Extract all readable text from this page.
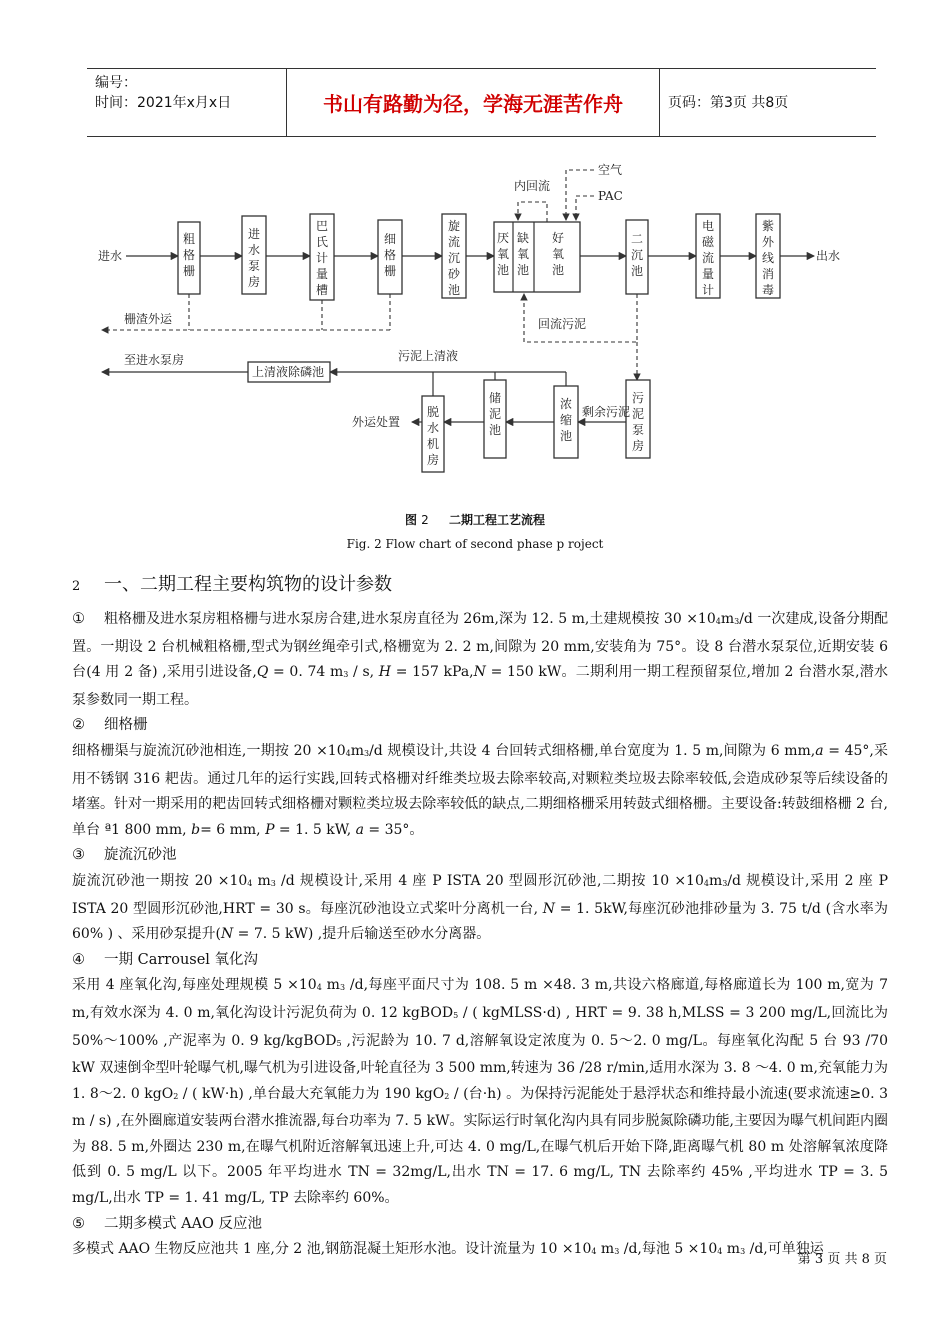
编号：
时间：2021年x月x日	书山有路勤为径，学海无涯苦作舟	页码：第3页 共8页
进水
粗格栅
进水泵房
巴氏计量槽
细格栅
旋流沉砂池
厌氧池
缺氧池
好氧池
内回流
空气
PAC
二沉池
电磁流量计
紫外线消毒
出水
栅渣外运	回流污泥
污泥泵房
剩余污泥
浓缩池
储泥池
脱水机房
外运处置
污泥上清液
上清液除磷池
至进水泵房
图 2 二期工程工艺流程
Fig. 2 Flow chart of second phase p roject
2 一、二期工程主要构筑物的设计参数

① 粗格栅及进水泵房粗格栅与进水泵房合建,进水泵房直径为 26m,深为 12. 5 m,土建规模按 $30 \times 10_4m_3/d$ 一次建成,设备分期配置。一期设 2 台机械粗格栅,型式为钢丝绳牵引式,格栅宽为 2. 2 m,间隙为 20 mm,安装角为 75°。设 8 台潜水泵泵位,近期安装 6 台(4 用 2 备) ,采用引进设备,Q = 0. 74 $m_3$ / s, H = 157 kPa,N = 150 kW。二期利用一期工程预留泵位,增加 2 台潜水泵,潜水泵参数同一期工程。

② 细格栅

细格栅渠与旋流沉砂池相连,一期按 $20 \times 10_4m_3/d$ 规模设计,共设 4 台回转式细格栅,单台宽度为 1. 5 m,间隙为 6 mm,a = 45°,采用不锈钢 316 耙齿。通过几年的运行实践,回转式格栅对纤维类垃圾去除率较高,对颗粒类垃圾去除率较低,会造成砂泵等后续设备的堵塞。针对一期采用的耙齿回转式细格栅对颗粒类垃圾去除率较低的缺点,二期细格栅采用转鼓式细格栅。主要设备:转鼓细格栅 2 台,单台 ª1 800 mm, b= 6 mm, P = 1. 5 kW, a = 35°。

③ 旋流沉砂池

旋流沉砂池一期按 $20 \times 10_4$ $m_3$ /d 规模设计,采用 4 座 P ISTA 20 型圆形沉砂池,二期按 $10 \times 10_4m_3/d$ 规模设计,采用 2 座 P ISTA 20 型圆形沉砂池,HRT = 30 s。每座沉砂池设立式桨叶分离机一台, N = 1. 5kW,每座沉砂池排砂量为 3. 75 t/d (含水率为 60% ) 、采用砂泵提升(N = 7. 5 kW) ,提升后输送至砂水分离器。

④ 一期 Carrousel 氧化沟

采用 4 座氧化沟,每座处理规模 $5 \times 10_4$ $m_3$ /d,每座平面尺寸为 108. 5 m ×48. 3 m,共设六格廊道,每格廊道长为 100 m,宽为 7 m,有效水深为 4. 0 m,氧化沟设计污泥负荷为 0. 12 kgBOD$_5$ / ( kgMLSS·d) , HRT = 9. 38 h,MLSS = 3 200 mg/L,回流比为 50%～100% ,产泥率为 0. 9 kg/kgBOD$_5$ ,污泥龄为 10. 7 d,溶解氧设定浓度为 0. 5～2. 0 mg/L。每座氧化沟配 5 台 93 /70 kW 双速倒伞型叶轮曝气机,曝气机为引进设备,叶轮直径为 3 500 mm,转速为 36 /28 r/min,适用水深为 3. 8 ～4. 0 m,充氧能力为 1. 8～2. 0 kgO$_2$ / ( kW·h) ,单台最大充氧能力为 190 kgO$_2$ / (台·h) 。为保持污泥能处于悬浮状态和维持最小流速(要求流速≥0. 3 m / s) ,在外圈廊道安装两台潜水推流器,每台功率为 7. 5 kW。实际运行时氧化沟内具有同步脱氮除磷功能,主要因为曝气机间距内圈为 88. 5 m,外圈达 230 m,在曝气机附近溶解氧迅速上升,可达 4. 0 mg/L,在曝气机后开始下降,距离曝气机 80 m 处溶解氧浓度降低到 0. 5 mg/L 以下。2005 年平均进水 TN = 32mg/L,出水 TN = 17. 6 mg/L, TN 去除率约 45% ,平均进水 TP = 3. 5 mg/L,出水 TP = 1. 41 mg/L, TP 去除率约 60%。

⑤ 二期多模式 AAO 反应池

多模式 AAO 生物反应池共 1 座,分 2 池,钢筋混凝土矩形水池。设计流量为 $10 \times 10_4$ $m_3$ /d,每池 $5 \times 10_4$ $m_3$ /d,可单独运

第 3 页 共 8 页
